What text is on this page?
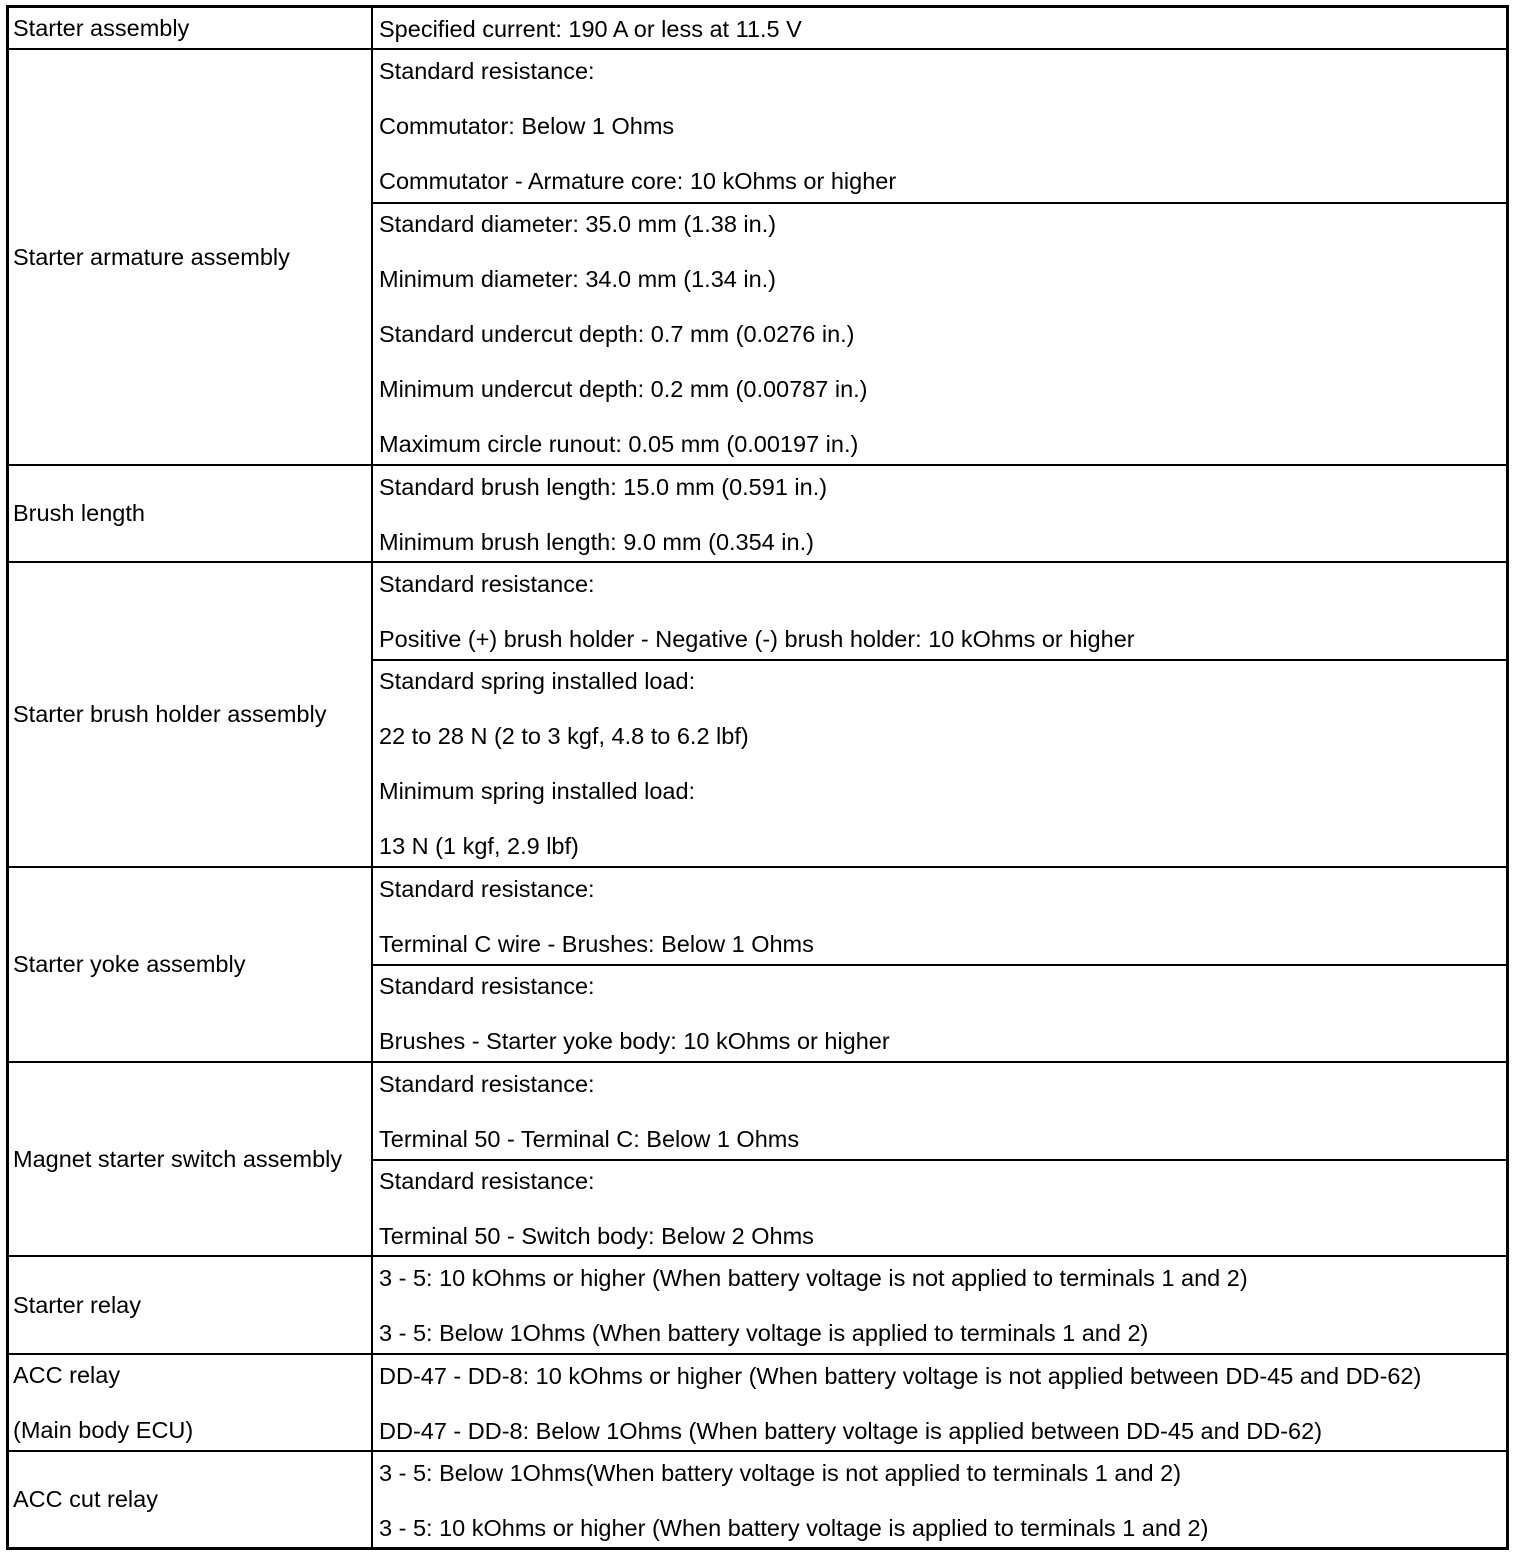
Starter assembly	Specified current: 190 A or less at 11.5 V
Starter armature assembly
Standard resistance:
Commutator: Below 1 Ohms
Commutator - Armature core: 10 kOhms or higher
Standard diameter: 35.0 mm (1.38 in.)
Minimum diameter: 34.0 mm (1.34 in.)
Standard undercut depth: 0.7 mm (0.0276 in.)
Minimum undercut depth: 0.2 mm (0.00787 in.)
Maximum circle runout: 0.05 mm (0.00197 in.)
Brush length
Standard brush length: 15.0 mm (0.591 in.)
Minimum brush length: 9.0 mm (0.354 in.)
Starter brush holder assembly
Standard resistance:
Positive (+) brush holder - Negative (-) brush holder: 10 kOhms or higher
Standard spring installed load:
22 to 28 N (2 to 3 kgf, 4.8 to 6.2 lbf)
Minimum spring installed load:
13 N (1 kgf, 2.9 lbf)
Starter yoke assembly
Standard resistance:
Terminal C wire - Brushes: Below 1 Ohms
Standard resistance:
Brushes - Starter yoke body: 10 kOhms or higher
Magnet starter switch assembly
Standard resistance:
Terminal 50 - Terminal C: Below 1 Ohms
Standard resistance:
Terminal 50 - Switch body: Below 2 Ohms
Starter relay
3 - 5: 10 kOhms or higher (When battery voltage is not applied to terminals 1 and 2)
3 - 5: Below 1Ohms (When battery voltage is applied to terminals 1 and 2)
ACC relay
(Main body ECU)
DD-47 - DD-8: 10 kOhms or higher (When battery voltage is not applied between DD-45 and DD-62)
DD-47 - DD-8: Below 1Ohms (When battery voltage is applied between DD-45 and DD-62)
ACC cut relay
3 - 5: Below 1Ohms(When battery voltage is not applied to terminals 1 and 2)
3 - 5: 10 kOhms or higher (When battery voltage is applied to terminals 1 and 2)
